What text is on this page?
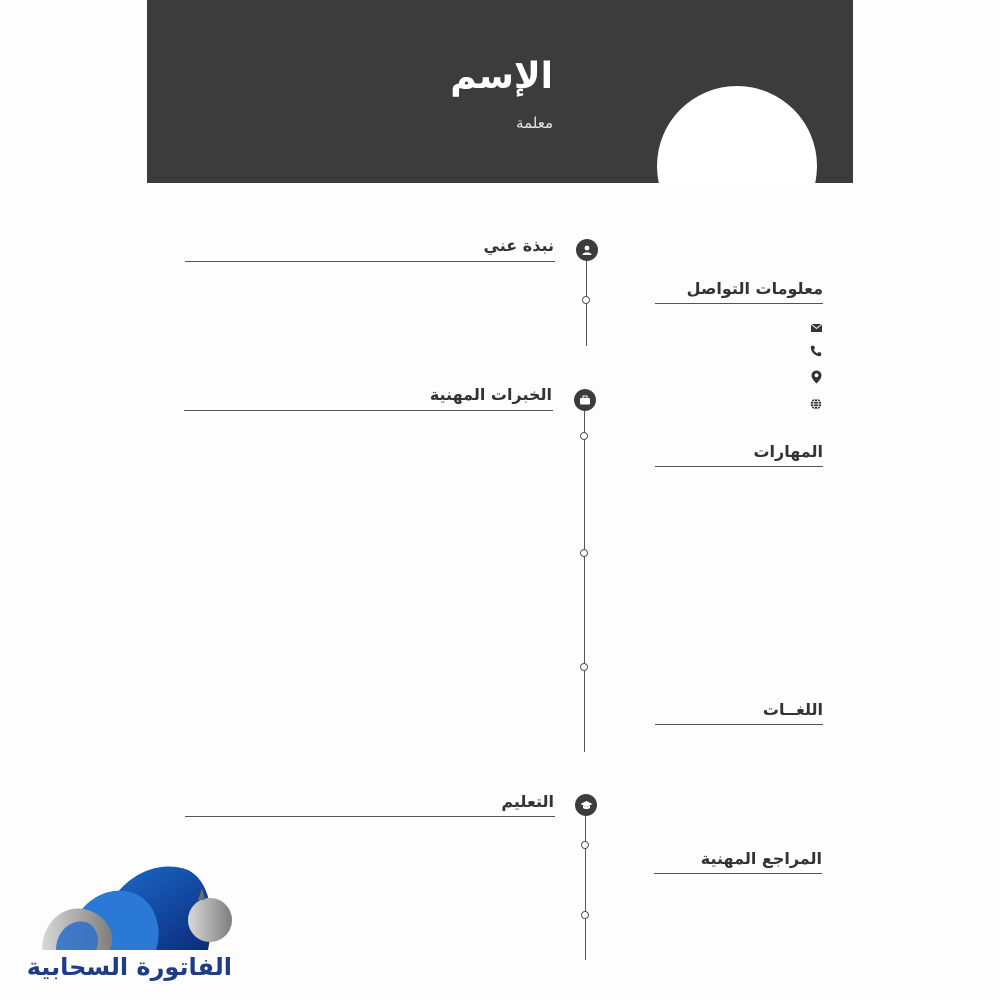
الإسم
معلمة
نبذة عني
الخبرات المهنية
التعليم
معلومات التواصل
المهارات
اللغــات
المراجع المهنية
الفاتورة السحابية
